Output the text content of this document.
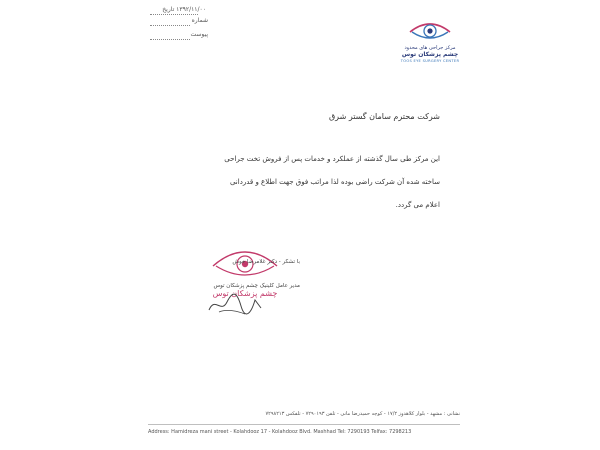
۱۳۹۲/۱۱/۰۰ تاریخ
شماره
پیوست
مرکز جراحی های محدود
چشم پزشکان توس
TOOS EYE SURGERY CENTER
شرکت محترم سامان گستر شرق
این مرکز طی سال گذشته از عملکرد و خدمات پس از فروش تخت جراحی
ساخته شده آن شرکت راضی بوده لذا مراتب فوق جهت اطلاع و قدردانی
اعلام می گردد.
چشم پزشکان توس
با تشکر - دکتر غلامرضا خوش
مدیر عامل کلینیک چشم پزشکان توس
نشانی : مشهد - بلوار کلاهدوز ۱۷/۲ - کوچه حمیدرضا مانی - تلفن ۷۲۹۰۱۹۳ - تلفکس ۷۲۹۸۲۱۳
Address: Hamidreza mani street - Kolahdooz 17 - Kolahdooz Blvd. Mashhad Tel: 7290193 Telfax: 7298213
